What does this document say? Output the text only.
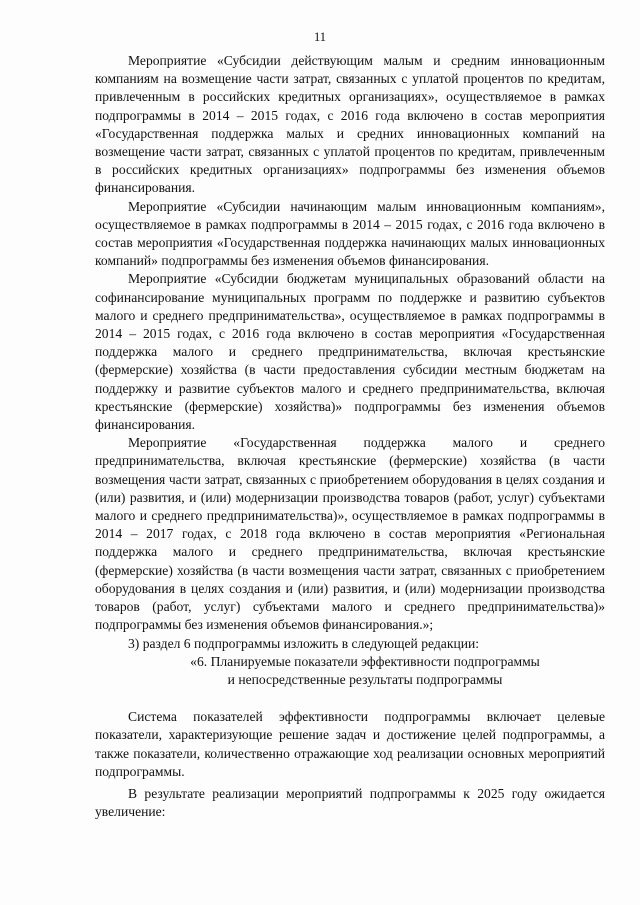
11

Мероприятие «Субсидии действующим малым и средним инновационным компаниям на возмещение части затрат, связанных с уплатой процентов по кредитам, привлеченным в российских кредитных организациях», осуществляемое в рамках подпрограммы в 2014 – 2015 годах, с 2016 года включено в состав мероприятия «Государственная поддержка малых и средних инновационных компаний на возмещение части затрат, связанных с уплатой процентов по кредитам, привлеченным в российских кредитных организациях» подпрограммы без изменения объемов финансирования.

Мероприятие «Субсидии начинающим малым инновационным компаниям», осуществляемое в рамках подпрограммы в 2014 – 2015 годах, с 2016 года включено в состав мероприятия «Государственная поддержка начинающих малых инновационных компаний» подпрограммы без изменения объемов финансирования.

Мероприятие «Субсидии бюджетам муниципальных образований области на софинансирование муниципальных программ по поддержке и развитию субъектов малого и среднего предпринимательства», осуществляемое в рамках подпрограммы в 2014 – 2015 годах, с 2016 года включено в состав мероприятия «Государственная поддержка малого и среднего предпринимательства, включая крестьянские (фермерские) хозяйства (в части предоставления субсидии местным бюджетам на поддержку и развитие субъектов малого и среднего предпринимательства, включая крестьянские (фермерские) хозяйства)» подпрограммы без изменения объемов финансирования.

Мероприятие «Государственная поддержка малого и среднего предпринимательства, включая крестьянские (фермерские) хозяйства (в части возмещения части затрат, связанных с приобретением оборудования в целях создания и (или) развития, и (или) модернизации производства товаров (работ, услуг) субъектами малого и среднего предпринимательства)», осуществляемое в рамках подпрограммы в 2014 – 2017 годах, с 2018 года включено в состав мероприятия «Региональная поддержка малого и среднего предпринимательства, включая крестьянские (фермерские) хозяйства (в части возмещения части затрат, связанных с приобретением оборудования в целях создания и (или) развития, и (или) модернизации производства товаров (работ, услуг) субъектами малого и среднего предпринимательства)» подпрограммы без изменения объемов финансирования.»;

3) раздел 6 подпрограммы изложить в следующей редакции:

«6. Планируемые показатели эффективности подпрограммы

и непосредственные результаты подпрограммы

Система показателей эффективности подпрограммы включает целевые показатели, характеризующие решение задач и достижение целей подпрограммы, а также показатели, количественно отражающие ход реализации основных мероприятий подпрограммы.

В результате реализации мероприятий подпрограммы к 2025 году ожидается увеличение:
